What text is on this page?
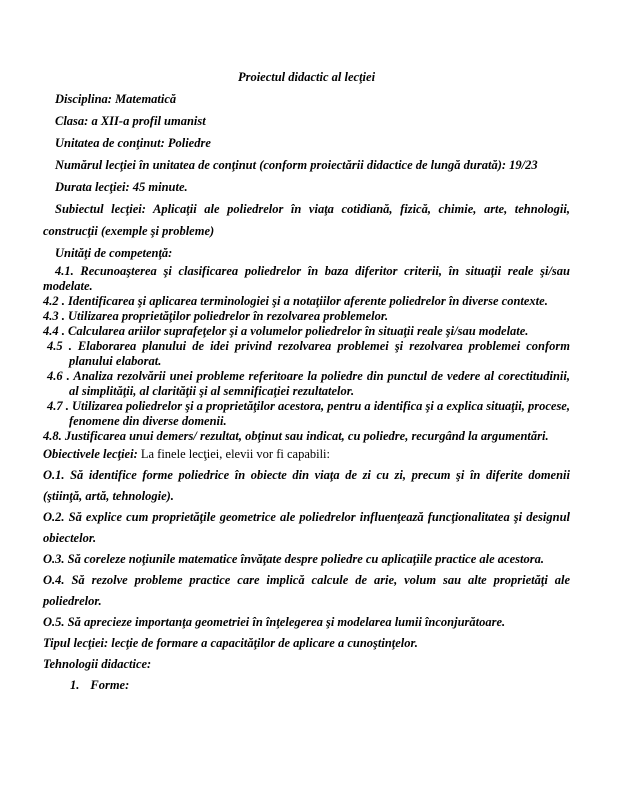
Proiectul didactic al lecţiei

Disciplina: Matematică

Clasa: a XII-a profil umanist

Unitatea de conţinut: Poliedre

Numărul lecţiei în unitatea de conţinut (conform proiectării didactice de lungă durată): 19/23

Durata lecţiei: 45 minute.

Subiectul lecţiei: Aplicaţii ale poliedrelor în viaţa cotidiană, fizică, chimie, arte, tehnologii, construcţii (exemple şi probleme)

Unităţi de competenţă:

4.1. Recunoaşterea şi clasificarea poliedrelor în baza diferitor criterii, în situaţii reale şi/sau modelate.

4.2 . Identificarea şi aplicarea terminologiei şi a notaţiilor aferente poliedrelor în diverse contexte.

4.3 . Utilizarea proprietăţilor poliedrelor în rezolvarea problemelor.

4.4 . Calcularea ariilor suprafeţelor şi a volumelor poliedrelor în situaţii reale şi/sau modelate.

4.5 . Elaborarea planului de idei privind rezolvarea problemei şi rezolvarea problemei conform planului elaborat.

4.6 . Analiza rezolvării unei probleme referitoare la poliedre din punctul de vedere al corectitudinii, al simplităţii, al clarităţii şi al semnificaţiei rezultatelor.

4.7 . Utilizarea poliedrelor şi a proprietăţilor acestora, pentru a identifica şi a explica situaţii, procese, fenomene din diverse domenii.

4.8. Justificarea unui demers/ rezultat, obţinut sau indicat, cu poliedre, recurgând la argumentări.

Obiectivele lecţiei: La finele lecţiei, elevii vor fi capabili:

O.1. Să identifice forme poliedrice în obiecte din viaţa de zi cu zi, precum şi în diferite domenii (ştiinţă, artă, tehnologie).

O.2. Să explice cum proprietăţile geometrice ale poliedrelor influenţează funcţionalitatea şi designul obiectelor.

O.3. Să coreleze noţiunile matematice învăţate despre poliedre cu aplicaţiile practice ale acestora.

O.4. Să rezolve probleme practice care implică calcule de arie, volum sau alte proprietăţi ale poliedrelor.

O.5. Să aprecieze importanţa geometriei în înţelegerea şi modelarea lumii înconjurătoare.

Tipul lecţiei: lecţie de formare a capacităţilor de aplicare a cunoştinţelor.

Tehnologii didactice:

1. Forme:
